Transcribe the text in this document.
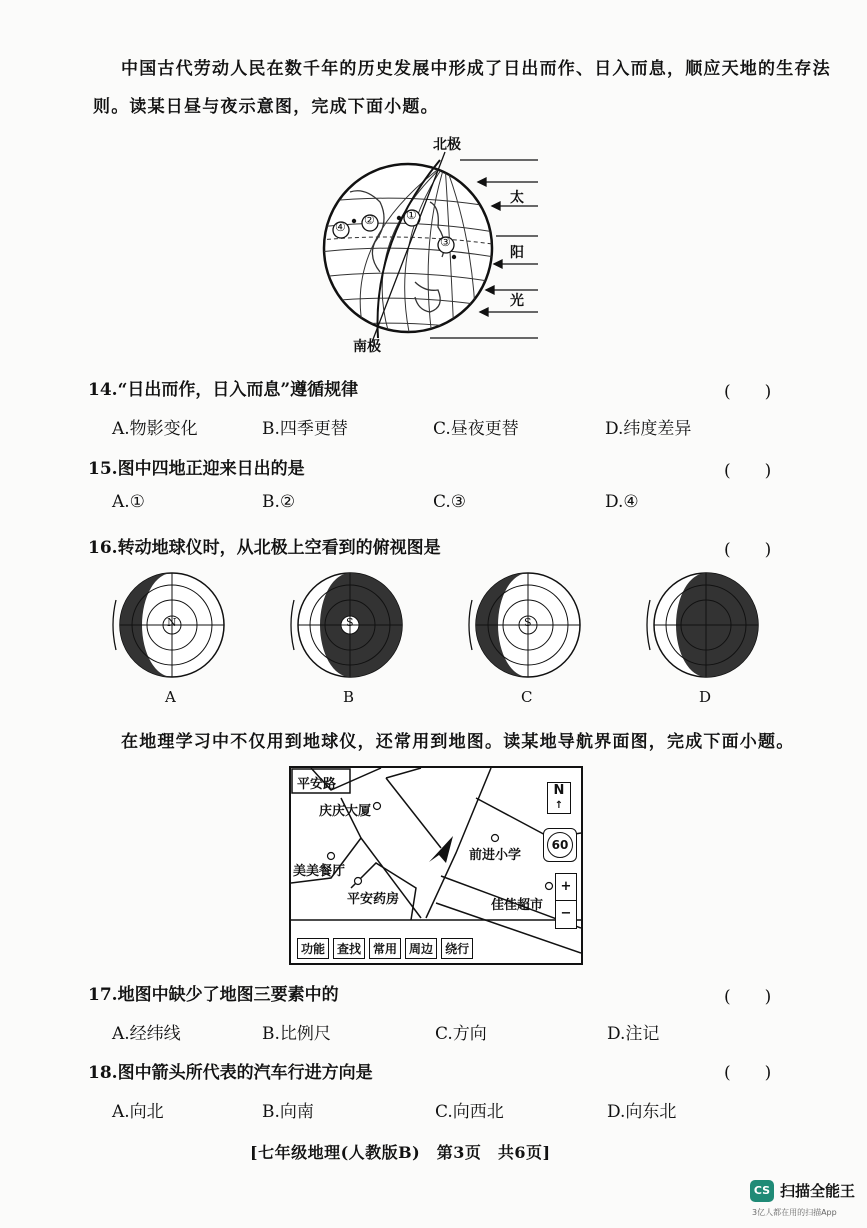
中国古代劳动人民在数千年的历史发展中形成了日出而作、日入而息，顺应天地的生存法
则。读某日昼与夜示意图，完成下面小题。
北极
南极
太
阳
光
①
②
③
④
14.“日出而作，日入而息”遵循规律	(　　)
A.物影变化	B.四季更替	C.昼夜更替	D.纬度差异
15.图中四地正迎来日出的是	(　　)
A.①	B.②	C.③	D.④
16.转动地球仪时，从北极上空看到的俯视图是	(　　)
N
A
S
B
S
C	D
在地理学习中不仅用到地球仪，还常用到地图。读某地导航界面图，完成下面小题。
平安路
庆庆大厦
美美餐厅
平安药房
前进小学
佳佳超市
N
↑
60
+
−
功能 查找 常用 周边 绕行
17.地图中缺少了地图三要素中的	(　　)
A.经纬线	B.比例尺	C.方向	D.注记
18.图中箭头所代表的汽车行进方向是	(　　)
A.向北	B.向南	C.向西北	D.向东北
[七年级地理(人教版B)　第3页　共6页]
CS 扫描全能王
3亿人都在用的扫描App
